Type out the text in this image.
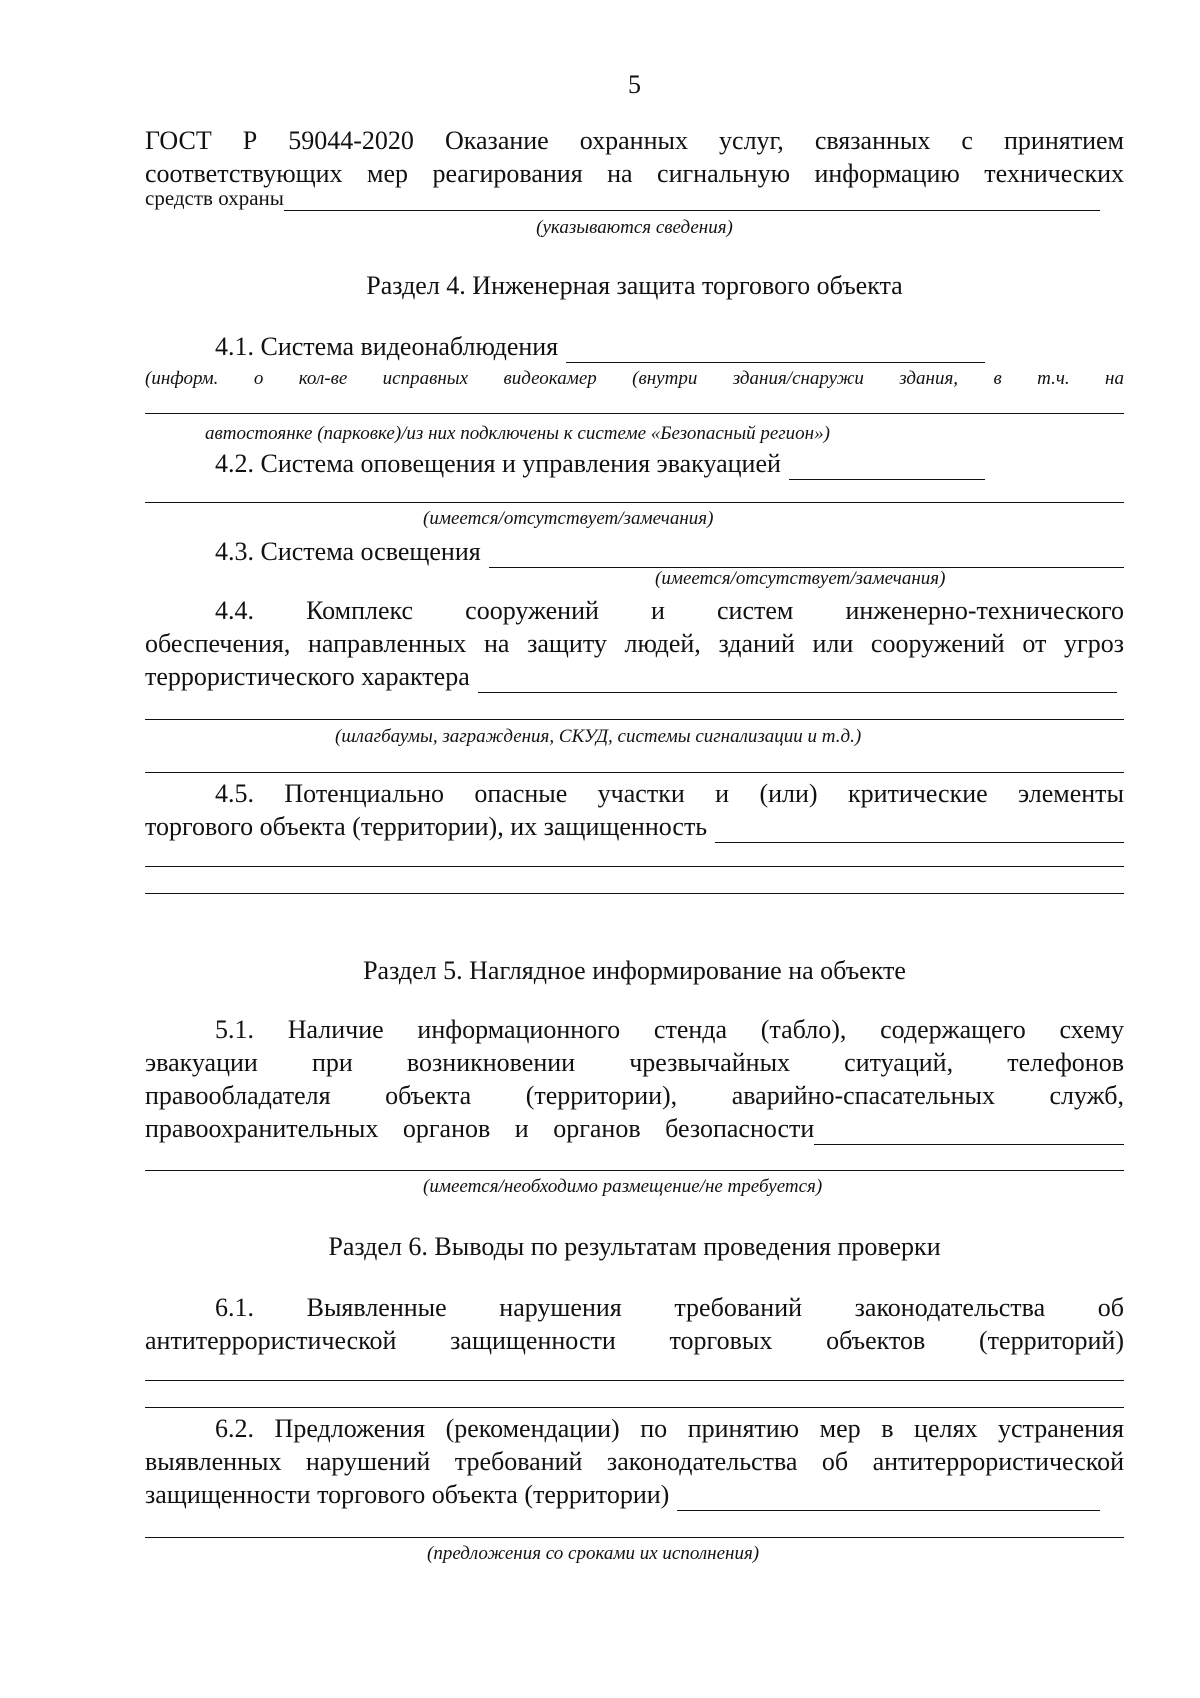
5
ГОСТ Р 59044-2020 Оказание охранных услуг, связанных с принятием
соответствующих мер реагирования на сигнальную информацию технических
средств охраны
(указываются сведения)
Раздел 4. Инженерная защита торгового объекта
4.1. Система видеонаблюдения
(информ. о кол-ве исправных видеокамер (внутри здания/снаружи здания, в т.ч. на
автостоянке (парковке)/из них подключены к системе «Безопасный регион»)
4.2. Система оповещения и управления эвакуацией
(имеется/отсутствует/замечания)
4.3. Система освещения
(имеется/отсутствует/замечания)
4.4. Комплекс сооружений и систем инженерно-технического
обеспечения, направленных на защиту людей, зданий или сооружений от угроз
террористического характера
(шлагбаумы, заграждения, СКУД, системы сигнализации и т.д.)
4.5. Потенциально опасные участки и (или) критические элементы
торгового объекта (территории), их защищенность
Раздел 5. Наглядное информирование на объекте
5.1. Наличие информационного стенда (табло), содержащего схему
эвакуации при возникновении чрезвычайных ситуаций, телефонов
правообладателя объекта (территории), аварийно-спасательных служб,
правоохранительных органов и органов безопасности
(имеется/необходимо размещение/не требуется)
Раздел 6. Выводы по результатам проведения проверки
6.1. Выявленные нарушения требований законодательства об
антитеррористической защищенности торговых объектов (территорий)
6.2. Предложения (рекомендации) по принятию мер в целях устранения
выявленных нарушений требований законодательства об антитеррористической
защищенности торгового объекта (территории)
(предложения со сроками их исполнения)
